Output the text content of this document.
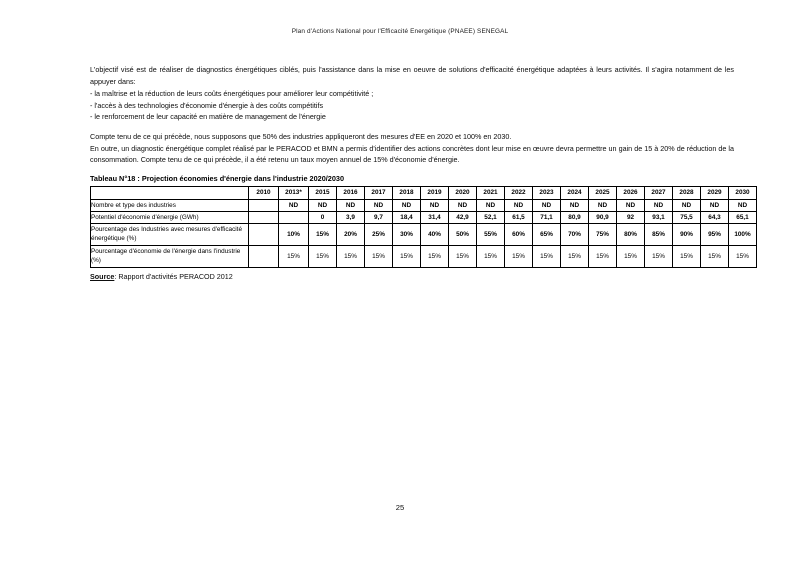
Plan d'Actions National pour l'Efficacité Energétique (PNAEE) SENEGAL

L'objectif visé est de réaliser de diagnostics énergétiques ciblés, puis l'assistance dans la mise en oeuvre de solutions d'efficacité énergétique adaptées à leurs activités. Il s'agira notamment de les appuyer dans:

- la maîtrise et la réduction de leurs coûts énergétiques pour améliorer leur compétitivité ;
- l'accès à des technologies d'économie d'énergie à des coûts compétitifs
- le renforcement de leur capacité en matière de management de l'énergie

Compte tenu de ce qui précède, nous supposons que 50% des industries appliqueront des mesures d'EE en 2020 et 100% en 2030.

En outre, un diagnostic énergétique complet réalisé par le PERACOD et BMN a permis d'identifier des actions concrètes dont leur mise en œuvre devra permettre un gain de 15 à 20% de réduction de la consommation. Compte tenu de ce qui précède, il a été retenu un taux moyen annuel de 15% d'économie d'énergie.

Tableau N°18 : Projection économies d'énergie dans l'industrie 2020/2030
	2010	2013*	2015	2016	2017	2018	2019	2020	2021	2022	2023	2024	2025	2026	2027	2028	2029	2030
Nombre et type des industries		ND	ND	ND	ND	ND	ND	ND	ND	ND	ND	ND	ND	ND	ND	ND	ND	ND
Potentiel d'économie d'énergie (GWh)			0	3,9	9,7	18,4	31,4	42,9	52,1	61,5	71,1	80,9	90,9	92	93,1	75,5	64,3	65,1
Pourcentage des Industries avec mesures d'efficacité énergétique (%)		10%	15%	20%	25%	30%	40%	50%	55%	60%	65%	70%	75%	80%	85%	90%	95%	100%
Pourcentage d'économie de l'énergie dans l'industrie (%)		15%	15%	15%	15%	15%	15%	15%	15%	15%	15%	15%	15%	15%	15%	15%	15%	15%
Source: Rapport d'activités PERACOD 2012
25
